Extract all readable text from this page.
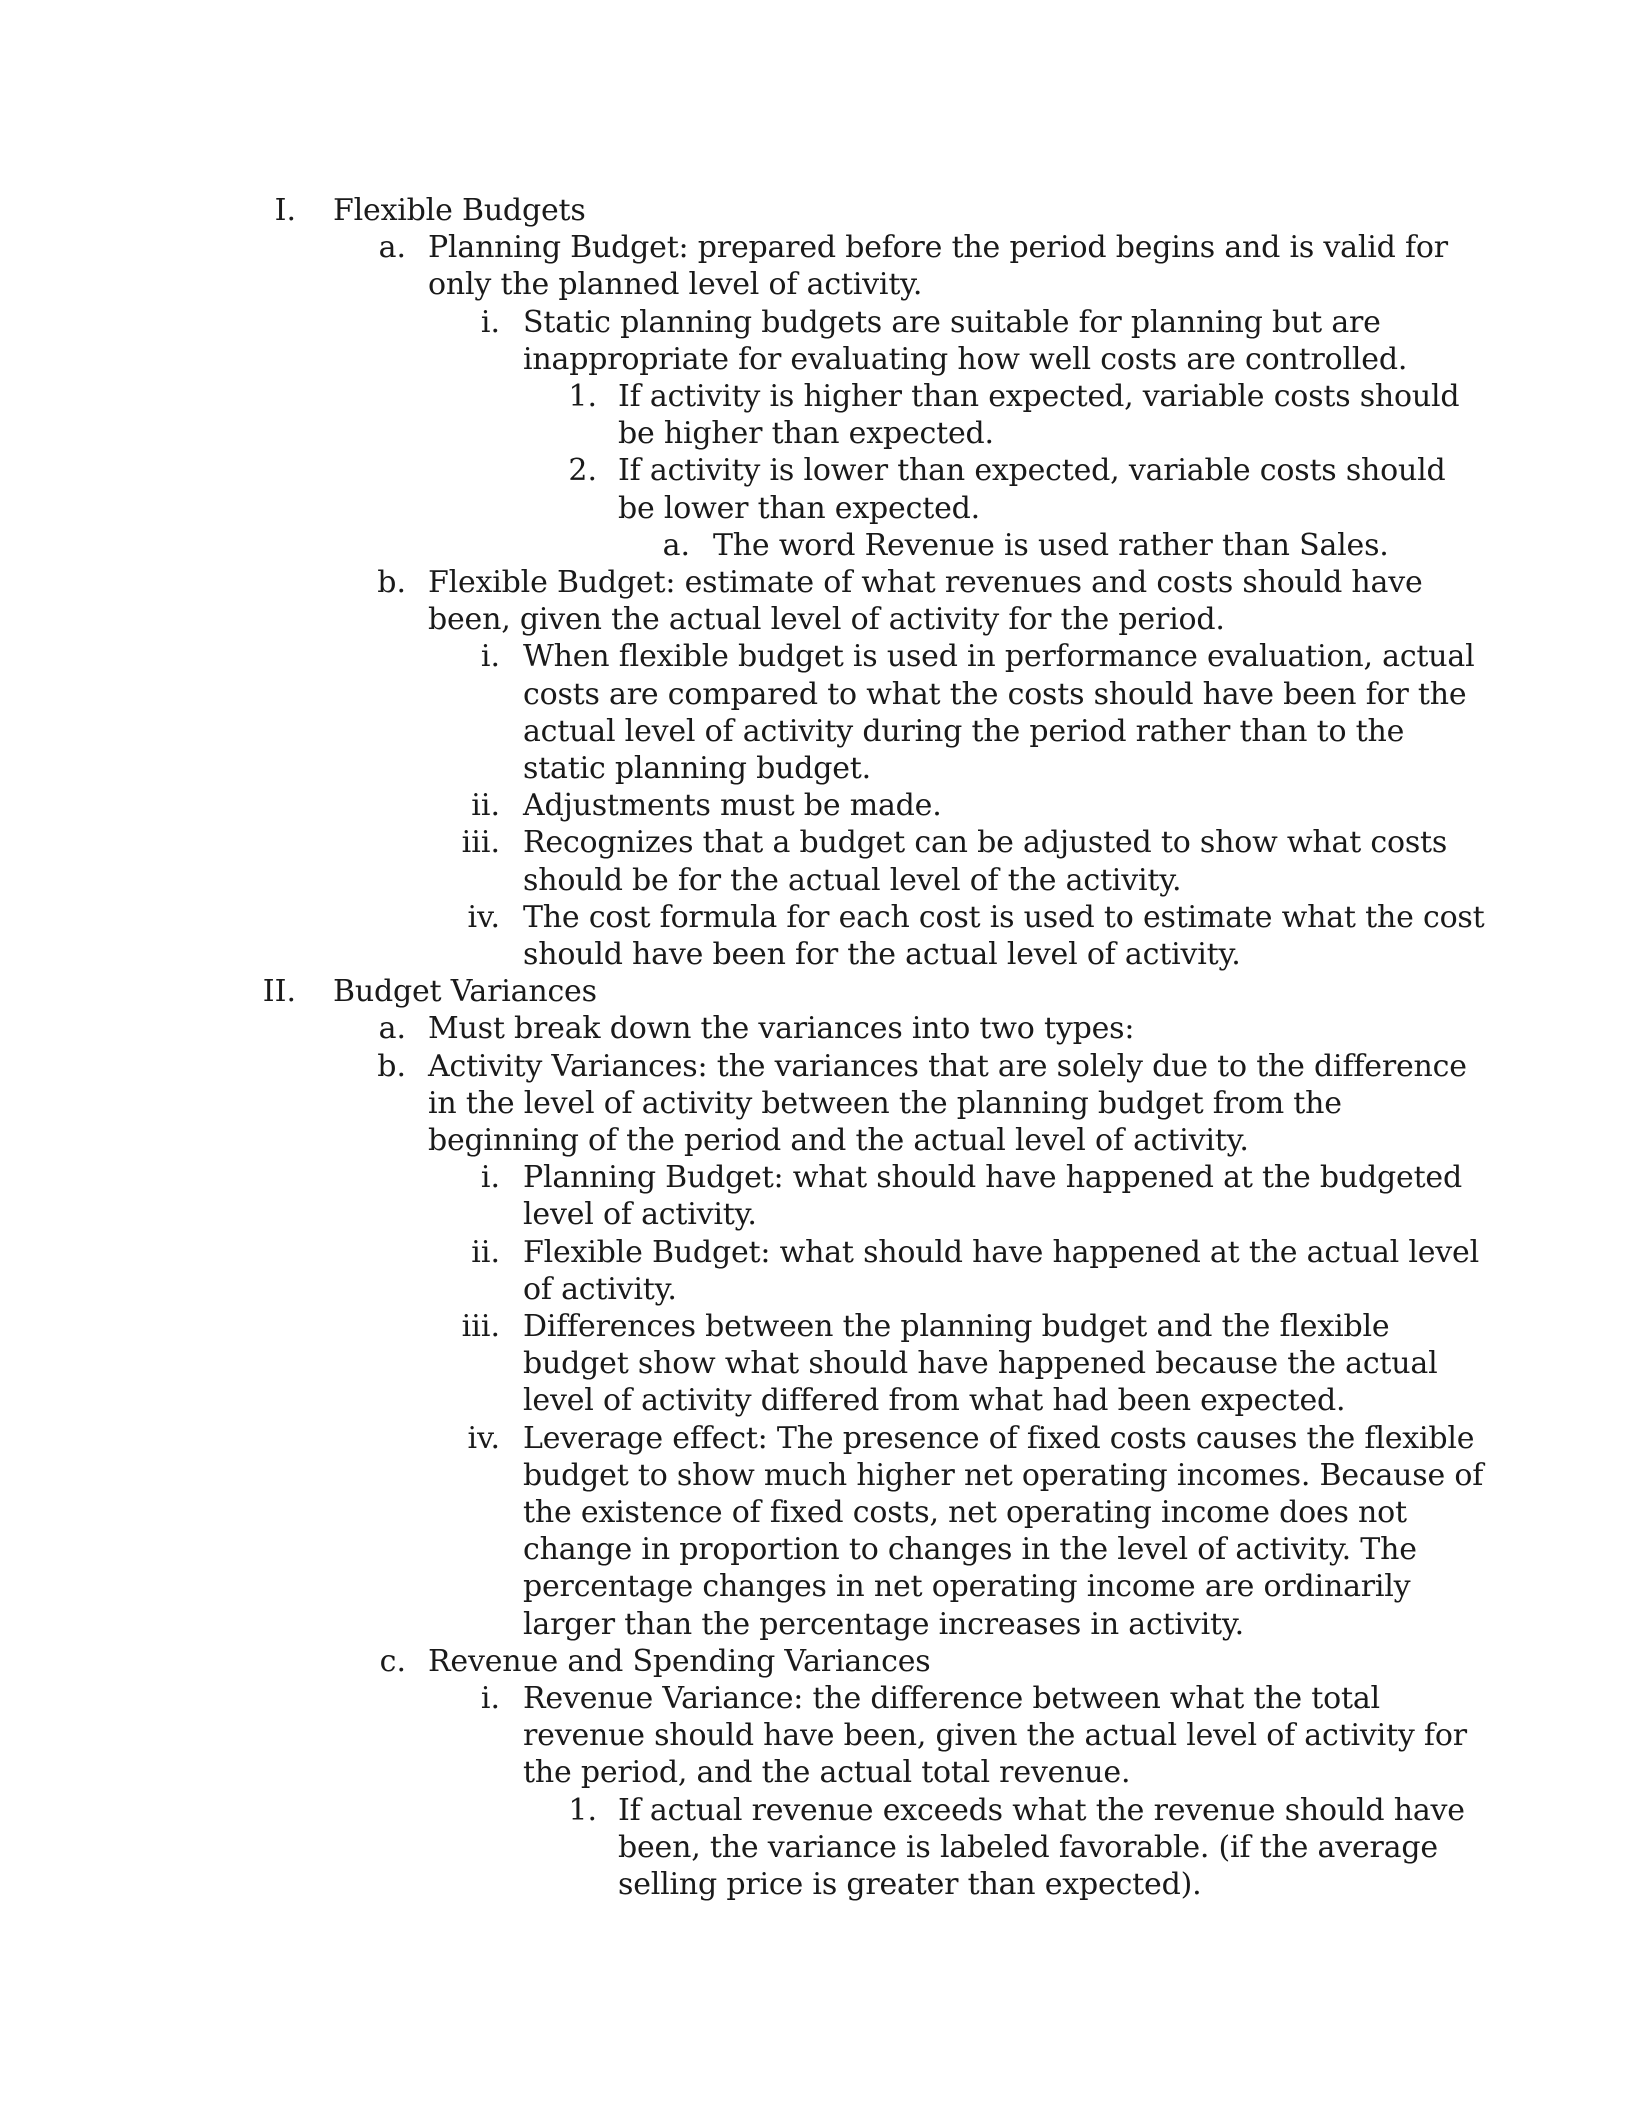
I. Flexible Budgets
a. Planning Budget: prepared before the period begins and is valid for
only the planned level of activity.
i. Static planning budgets are suitable for planning but are
inappropriate for evaluating how well costs are controlled.
1. If activity is higher than expected, variable costs should
be higher than expected.
2. If activity is lower than expected, variable costs should
be lower than expected.
a. The word Revenue is used rather than Sales.
b. Flexible Budget: estimate of what revenues and costs should have
been, given the actual level of activity for the period.
i. When flexible budget is used in performance evaluation, actual
costs are compared to what the costs should have been for the
actual level of activity during the period rather than to the
static planning budget.
ii. Adjustments must be made.
iii. Recognizes that a budget can be adjusted to show what costs
should be for the actual level of the activity.
iv. The cost formula for each cost is used to estimate what the cost
should have been for the actual level of activity.
II. Budget Variances
a. Must break down the variances into two types:
b. Activity Variances: the variances that are solely due to the difference
in the level of activity between the planning budget from the
beginning of the period and the actual level of activity.
i. Planning Budget: what should have happened at the budgeted
level of activity.
ii. Flexible Budget: what should have happened at the actual level
of activity.
iii. Differences between the planning budget and the flexible
budget show what should have happened because the actual
level of activity differed from what had been expected.
iv. Leverage effect: The presence of fixed costs causes the flexible
budget to show much higher net operating incomes. Because of
the existence of fixed costs, net operating income does not
change in proportion to changes in the level of activity. The
percentage changes in net operating income are ordinarily
larger than the percentage increases in activity.
c. Revenue and Spending Variances
i. Revenue Variance: the difference between what the total
revenue should have been, given the actual level of activity for
the period, and the actual total revenue.
1. If actual revenue exceeds what the revenue should have
been, the variance is labeled favorable. (if the average
selling price is greater than expected).
